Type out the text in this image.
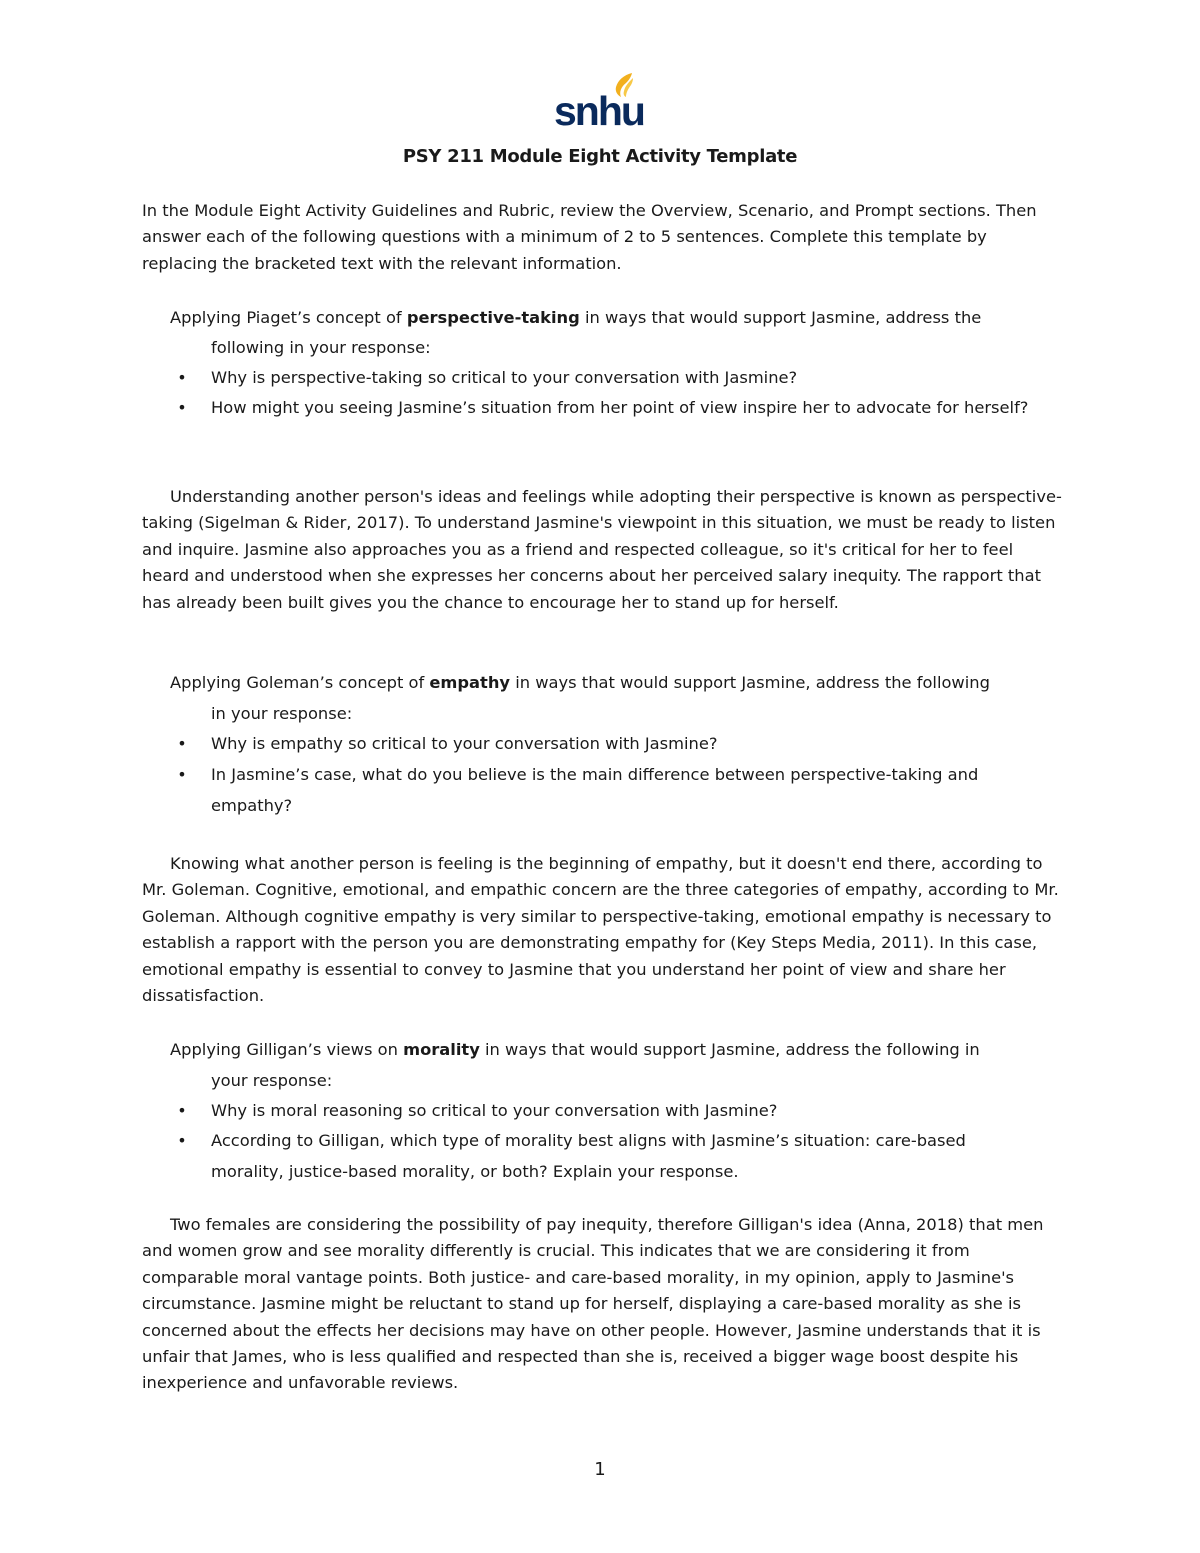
snhu
PSY 211 Module Eight Activity Template

In the Module Eight Activity Guidelines and Rubric, review the Overview, Scenario, and Prompt sections. Then answer each of the following questions with a minimum of 2 to 5 sentences. Complete this template by replacing the bracketed text with the relevant information.

Applying Piaget’s concept of perspective-taking in ways that would support Jasmine, address the

following in your response:

• Why is perspective-taking so critical to your conversation with Jasmine?

• How might you seeing Jasmine’s situation from her point of view inspire her to advocate for herself?

Understanding another person's ideas and feelings while adopting their perspective is known as perspective-taking (Sigelman & Rider, 2017). To understand Jasmine's viewpoint in this situation, we must be ready to listen and inquire. Jasmine also approaches you as a friend and respected colleague, so it's critical for her to feel heard and understood when she expresses her concerns about her perceived salary inequity. The rapport that has already been built gives you the chance to encourage her to stand up for herself.

Applying Goleman’s concept of empathy in ways that would support Jasmine, address the following

in your response:

• Why is empathy so critical to your conversation with Jasmine?

• In Jasmine’s case, what do you believe is the main difference between perspective-taking and empathy?

Knowing what another person is feeling is the beginning of empathy, but it doesn't end there, according to Mr. Goleman. Cognitive, emotional, and empathic concern are the three categories of empathy, according to Mr. Goleman. Although cognitive empathy is very similar to perspective-taking, emotional empathy is necessary to establish a rapport with the person you are demonstrating empathy for (Key Steps Media, 2011). In this case, emotional empathy is essential to convey to Jasmine that you understand her point of view and share her dissatisfaction.

Applying Gilligan’s views on morality in ways that would support Jasmine, address the following in

your response:

• Why is moral reasoning so critical to your conversation with Jasmine?

• According to Gilligan, which type of morality best aligns with Jasmine’s situation: care-based morality, justice-based morality, or both? Explain your response.

Two females are considering the possibility of pay inequity, therefore Gilligan's idea (Anna, 2018) that men and women grow and see morality differently is crucial. This indicates that we are considering it from comparable moral vantage points. Both justice- and care-based morality, in my opinion, apply to Jasmine's circumstance. Jasmine might be reluctant to stand up for herself, displaying a care-based morality as she is concerned about the effects her decisions may have on other people. However, Jasmine understands that it is unfair that James, who is less qualified and respected than she is, received a bigger wage boost despite his inexperience and unfavorable reviews.

1
